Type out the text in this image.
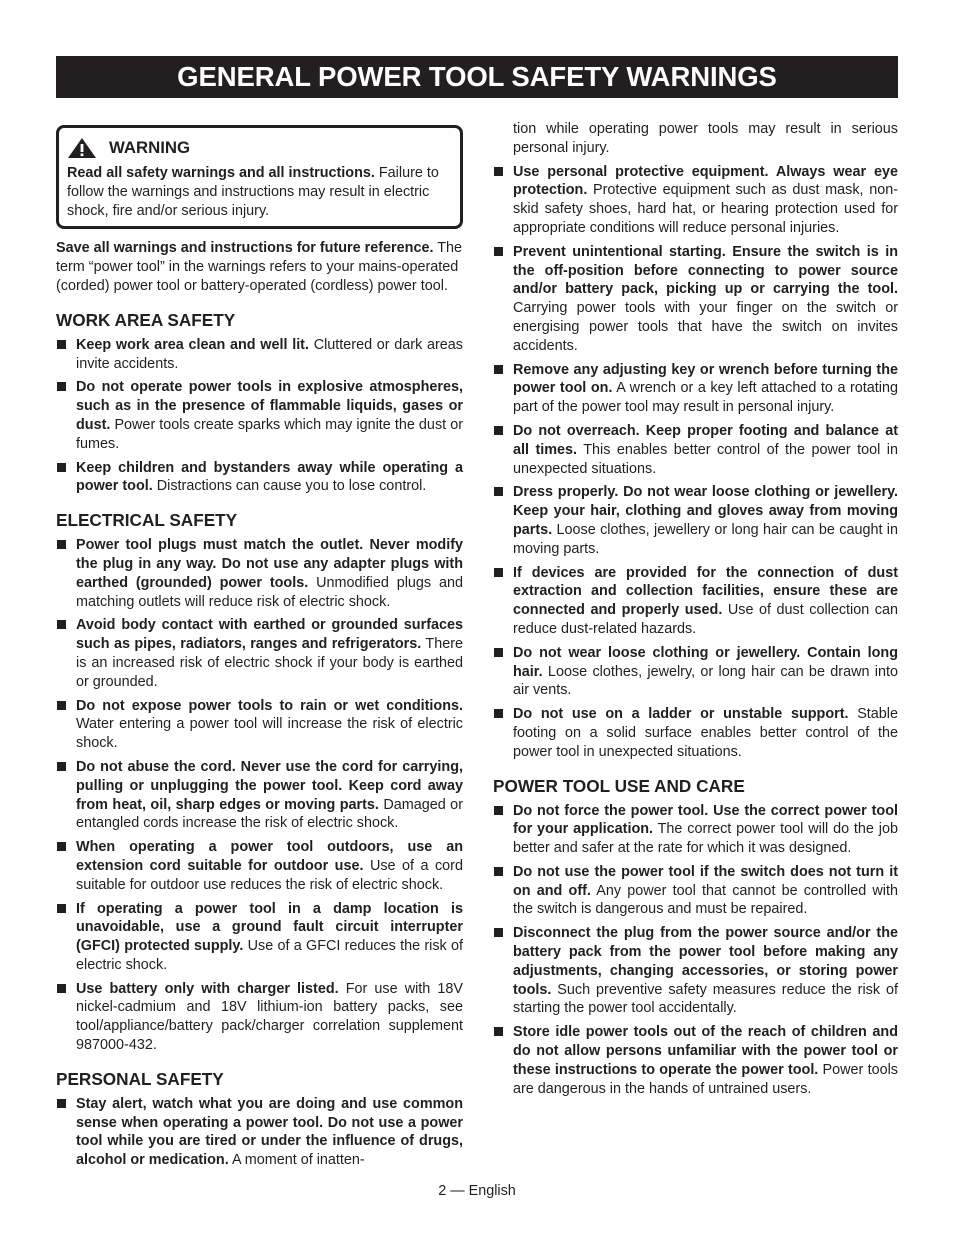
GENERAL POWER TOOL SAFETY WARNINGS
WARNING
Read all safety warnings and all instructions. Failure to follow the warnings and instructions may result in electric shock, fire and/or serious injury.

Save all warnings and instructions for future reference. The term “power tool” in the warnings refers to your mains-operated (corded) power tool or battery-operated (cordless) power tool.

WORK AREA SAFETY
Keep work area clean and well lit. Cluttered or dark areas invite accidents.
Do not operate power tools in explosive atmospheres, such as in the presence of flammable liquids, gases or dust. Power tools create sparks which may ignite the dust or fumes.
Keep children and bystanders away while operating a power tool. Distractions can cause you to lose control.
ELECTRICAL SAFETY
Power tool plugs must match the outlet. Never modify the plug in any way. Do not use any adapter plugs with earthed (grounded) power tools. Unmodified plugs and matching outlets will reduce risk of electric shock.
Avoid body contact with earthed or grounded surfaces such as pipes, radiators, ranges and refrigerators. There is an increased risk of electric shock if your body is earthed or grounded.
Do not expose power tools to rain or wet conditions. Water entering a power tool will increase the risk of electric shock.
Do not abuse the cord. Never use the cord for carrying, pulling or unplugging the power tool. Keep cord away from heat, oil, sharp edges or moving parts. Damaged or entangled cords increase the risk of electric shock.
When operating a power tool outdoors, use an extension cord suitable for outdoor use. Use of a cord suitable for outdoor use reduces the risk of electric shock.
If operating a power tool in a damp location is unavoidable, use a ground fault circuit interrupter (GFCI) protected supply. Use of a GFCI reduces the risk of electric shock.
Use battery only with charger listed. For use with 18V nickel-cadmium and 18V lithium-ion battery packs, see tool/appliance/battery pack/charger correlation supplement 987000-432.
PERSONAL SAFETY
Stay alert, watch what you are doing and use common sense when operating a power tool. Do not use a power tool while you are tired or under the influence of drugs, alcohol or medication. A moment of inatten-

tion while operating power tools may result in serious personal injury.

Use personal protective equipment. Always wear eye protection. Protective equipment such as dust mask, non-skid safety shoes, hard hat, or hearing protection used for appropriate conditions will reduce personal injuries.
Prevent unintentional starting. Ensure the switch is in the off-position before connecting to power source and/or battery pack, picking up or carrying the tool. Carrying power tools with your finger on the switch or energising power tools that have the switch on invites accidents.
Remove any adjusting key or wrench before turning the power tool on. A wrench or a key left attached to a rotating part of the power tool may result in personal injury.
Do not overreach. Keep proper footing and balance at all times. This enables better control of the power tool in unexpected situations.
Dress properly. Do not wear loose clothing or jewellery. Keep your hair, clothing and gloves away from moving parts. Loose clothes, jewellery or long hair can be caught in moving parts.
If devices are provided for the connection of dust extraction and collection facilities, ensure these are connected and properly used. Use of dust collection can reduce dust-related hazards.
Do not wear loose clothing or jewellery. Contain long hair. Loose clothes, jewelry, or long hair can be drawn into air vents.
Do not use on a ladder or unstable support. Stable footing on a solid surface enables better control of the power tool in unexpected situations.
POWER TOOL USE AND CARE
Do not force the power tool. Use the correct power tool for your application. The correct power tool will do the job better and safer at the rate for which it was designed.
Do not use the power tool if the switch does not turn it on and off. Any power tool that cannot be controlled with the switch is dangerous and must be repaired.
Disconnect the plug from the power source and/or the battery pack from the power tool before making any adjustments, changing accessories, or storing power tools. Such preventive safety measures reduce the risk of starting the power tool accidentally.
Store idle power tools out of the reach of children and do not allow persons unfamiliar with the power tool or these instructions to operate the power tool. Power tools are dangerous in the hands of untrained users.
2 — English
